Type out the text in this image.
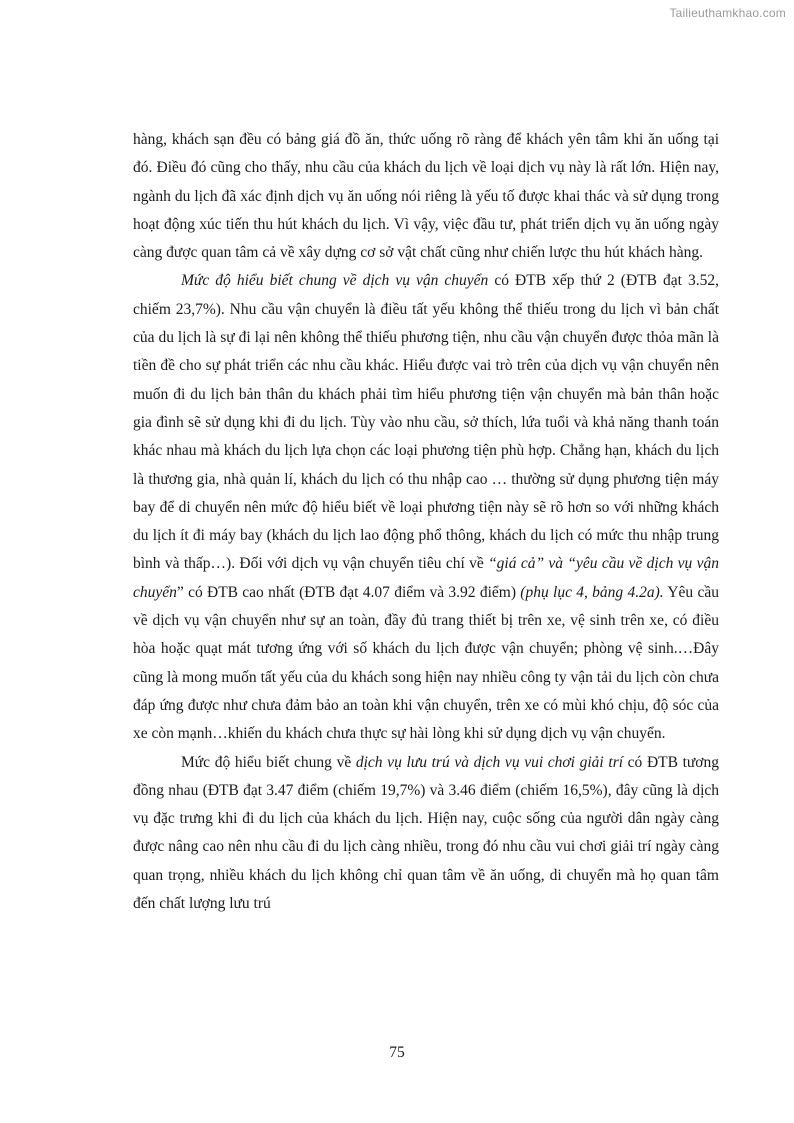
Tailieuthamkhao.com

hàng, khách sạn đều có bảng giá đồ ăn, thức uống rõ ràng để khách yên tâm khi ăn uống tại đó. Điều đó cũng cho thấy, nhu cầu của khách du lịch về loại dịch vụ này là rất lớn. Hiện nay, ngành du lịch đã xác định dịch vụ ăn uống nói riêng là yếu tố được khai thác và sử dụng trong hoạt động xúc tiến thu hút khách du lịch. Vì vậy, việc đầu tư, phát triển dịch vụ ăn uống ngày càng được quan tâm cả về xây dựng cơ sở vật chất cũng như chiến lược thu hút khách hàng.

Mức độ hiểu biết chung về dịch vụ vận chuyển có ĐTB xếp thứ 2 (ĐTB đạt 3.52, chiếm 23,7%). Nhu cầu vận chuyển là điều tất yếu không thể thiếu trong du lịch vì bản chất của du lịch là sự đi lại nên không thể thiếu phương tiện, nhu cầu vận chuyển được thỏa mãn là tiền đề cho sự phát triển các nhu cầu khác. Hiểu được vai trò trên của dịch vụ vận chuyển nên muốn đi du lịch bản thân du khách phải tìm hiểu phương tiện vận chuyển mà bản thân hoặc gia đình sẽ sử dụng khi đi du lịch. Tùy vào nhu cầu, sở thích, lứa tuổi và khả năng thanh toán khác nhau mà khách du lịch lựa chọn các loại phương tiện phù hợp. Chẳng hạn, khách du lịch là thương gia, nhà quản lí, khách du lịch có thu nhập cao … thường sử dụng phương tiện máy bay để di chuyển nên mức độ hiểu biết về loại phương tiện này sẽ rõ hơn so với những khách du lịch ít đi máy bay (khách du lịch lao động phổ thông, khách du lịch có mức thu nhập trung bình và thấp…). Đối với dịch vụ vận chuyển tiêu chí về “giá cả” và “yêu cầu về dịch vụ vận chuyển” có ĐTB cao nhất (ĐTB đạt 4.07 điểm và 3.92 điểm) (phụ lục 4, bảng 4.2a). Yêu cầu về dịch vụ vận chuyển như sự an toàn, đầy đủ trang thiết bị trên xe, vệ sinh trên xe, có điều hòa hoặc quạt mát tương ứng với số khách du lịch được vận chuyển; phòng vệ sinh.…Đây cũng là mong muốn tất yếu của du khách song hiện nay nhiều công ty vận tải du lịch còn chưa đáp ứng được như chưa đảm bảo an toàn khi vận chuyển, trên xe có mùi khó chịu, độ sóc của xe còn mạnh…khiến du khách chưa thực sự hài lòng khi sử dụng dịch vụ vận chuyển.

Mức độ hiểu biết chung về dịch vụ lưu trú và dịch vụ vui chơi giải trí có ĐTB tương đồng nhau (ĐTB đạt 3.47 điểm (chiếm 19,7%) và 3.46 điểm (chiếm 16,5%), đây cũng là dịch vụ đặc trưng khi đi du lịch của khách du lịch. Hiện nay, cuộc sống của người dân ngày càng được nâng cao nên nhu cầu đi du lịch càng nhiều, trong đó nhu cầu vui chơi giải trí ngày càng quan trọng, nhiều khách du lịch không chỉ quan tâm về ăn uống, di chuyển mà họ quan tâm đến chất lượng lưu trú

75
